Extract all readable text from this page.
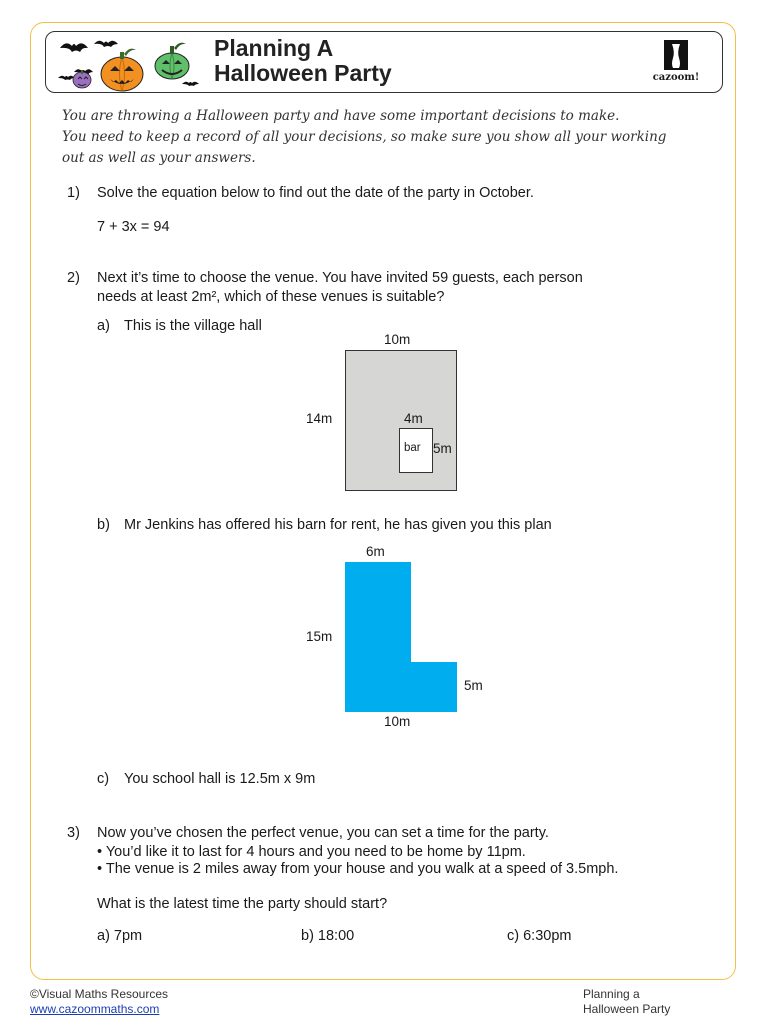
Planning A
Halloween Party	cazoom!
You are throwing a Halloween party and have some important decisions to make.
You need to keep a record of all your decisions, so make sure you show all your working
out as well as your answers.
1) Solve the equation below to find out the date of the party in October.
7 + 3x = 94
2) Next it’s time to choose the venue. You have invited 59 guests, each person
needs at least 2m², which of these venues is suitable?
a) This is the village hall
10m
14m	4m
5m
bar
b) Mr Jenkins has offered his barn for rent, he has given you this plan
6m
15m
5m
10m
c) You school hall is 12.5m x 9m
3) Now you’ve chosen the perfect venue, you can set a time for the party.
• You’d like it to last for 4 hours and you need to be home by 11pm.
• The venue is 2 miles away from your house and you walk at a speed of 3.5mph.
What is the latest time the party should start?
a) 7pm	b) 18:00	c) 6:30pm
©Visual Maths Resources
www.cazoommaths.com
Planning a
Halloween Party
